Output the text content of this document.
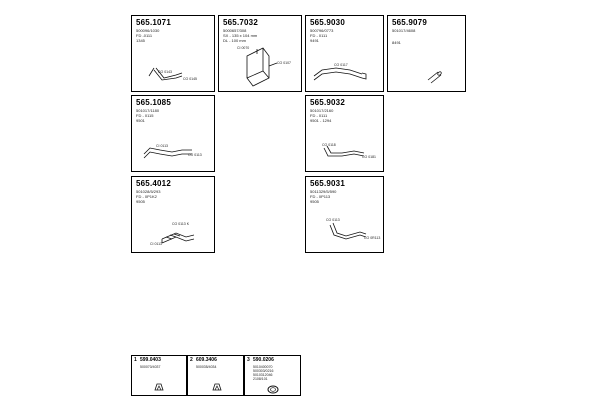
565.1071
500096/1030
FD -0111
1345
CO 0143
CO 0145
565.7032
5000657/308
SX - 135 x 104 mm
DL - 100 mm
CI 0070
CO 0107
565.9030
500796/0773
FD - 0111
9491
CO 0117
565.9079
501017/4608
8491
565.1085
501017/1180
FD - 0115
9501
CI 0113
CO 0113
565.9032
501017/2160
FD - 0111
9501 - 1294
CO 0118
CO 0181
565.4012
501028/5/293
FD - 0P1K2
9505
CO 0113 K
CI 0113
565.9031
5011329/5/590
FD - 0P113
9505
CO 0113
CO 0R113
1 599.0403
500070/4037
2 609.3406
500035/4034
3 590.0206
5010400070
500303/0216
5010312046
2108/101
